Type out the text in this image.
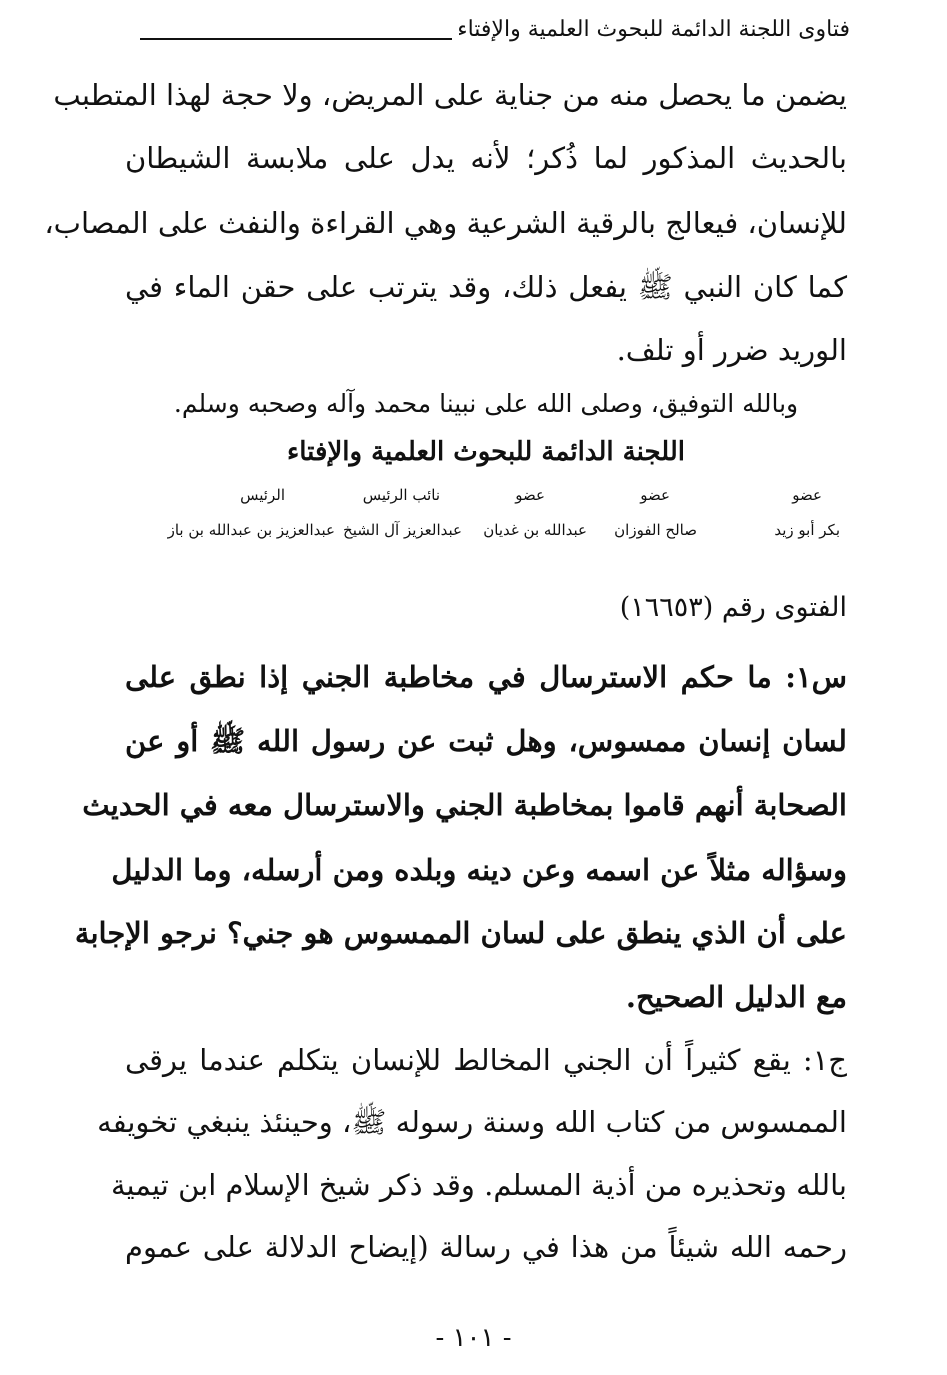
فتاوى اللجنة الدائمة للبحوث العلمية والإفتاء
يضمن ما يحصل منه من جناية على المريض، ولا حجة لهذا المتطبب
بالحديث المذكور لما ذُكر؛ لأنه يدل على ملابسة الشيطان
للإنسان، فيعالج بالرقية الشرعية وهي القراءة والنفث على المصاب،
كما كان النبي ﷺ يفعل ذلك، وقد يترتب على حقن الماء في
الوريد ضرر أو تلف.
وبالله التوفيق، وصلى الله على نبينا محمد وآله وصحبه وسلم.
اللجنة الدائمة للبحوث العلمية والإفتاء
عضو
عضو
عضو
نائب الرئيس
الرئيس
بكر أبو زيد
صالح الفوزان
عبدالله بن غديان
عبدالعزيز آل الشيخ
عبدالعزيز بن عبدالله بن باز
الفتوى رقم (١٦٦٥٣)
س١: ما حكم الاسترسال في مخاطبة الجني إذا نطق على
لسان إنسان ممسوس، وهل ثبت عن رسول الله ﷺ أو عن
الصحابة أنهم قاموا بمخاطبة الجني والاسترسال معه في الحديث
وسؤاله مثلاً عن اسمه وعن دينه وبلده ومن أرسله، وما الدليل
على أن الذي ينطق على لسان الممسوس هو جني؟ نرجو الإجابة
مع الدليل الصحيح.
ج١: يقع كثيراً أن الجني المخالط للإنسان يتكلم عندما يرقى
الممسوس من كتاب الله وسنة رسوله ﷺ، وحينئذ ينبغي تخويفه
بالله وتحذيره من أذية المسلم. وقد ذكر شيخ الإسلام ابن تيمية
رحمه الله شيئاً من هذا في رسالة (إيضاح الدلالة على عموم
- ١٠١ -
